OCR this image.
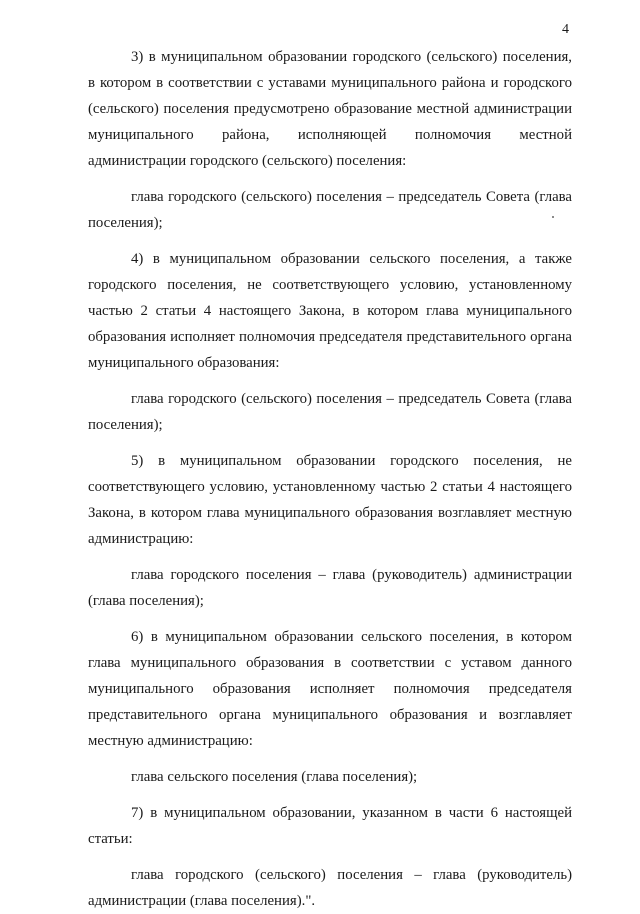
4

3) в муниципальном образовании городского (сельского) поселения, в котором в соответствии с уставами муниципального района и городского (сельского) поселения предусмотрено образование местной администрации муниципального района, исполняющей полномочия местной администрации городского (сельского) поселения:

глава городского (сельского) поселения – председатель Совета (глава поселения);

4) в муниципальном образовании сельского поселения, а также городского поселения, не соответствующего условию, установленному частью 2 статьи 4 настоящего Закона, в котором глава муниципального образования исполняет полномочия председателя представительного органа муниципального образования:

глава городского (сельского) поселения – председатель Совета (глава поселения);

5) в муниципальном образовании городского поселения, не соответствующего условию, установленному частью 2 статьи 4 настоящего Закона, в котором глава муниципального образования возглавляет местную администрацию:

глава городского поселения – глава (руководитель) администрации (глава поселения);

6) в муниципальном образовании сельского поселения, в котором глава муниципального образования в соответствии с уставом данного муниципального образования исполняет полномочия председателя представительного органа муниципального образования и возглавляет местную администрацию:

глава сельского поселения (глава поселения);

7) в муниципальном образовании, указанном в части 6 настоящей статьи:

глава городского (сельского) поселения – глава (руководитель) администрации (глава поселения).".
